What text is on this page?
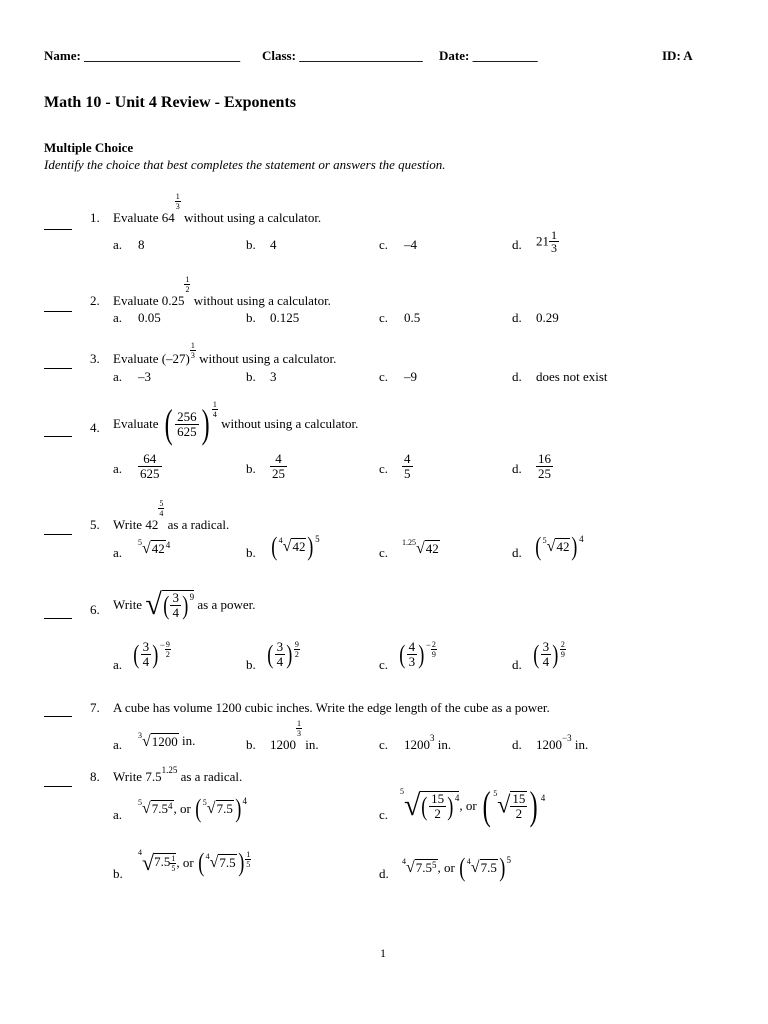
Name: ________________________ Class: ___________________ Date: __________	ID: A
Math 10 - Unit 4 Review - Exponents
Multiple Choice
Identify the choice that best completes the statement or answers the question.
1. Evaluate 64
$\frac{1}{3}$
without using a calculator.
a. 8	b. 4	c. –4	d. $21 \frac{1}{3}$
2. Evaluate 0.25
$\frac{1}{2}$
without using a calculator.
a. 0.05	b. 0.125	c. 0.5	d. 0.29
3. Evaluate $(-27) \frac{1}{3}$ without using a calculator.
a. –3	b. 3	c. –9	d. does not exist
4. Evaluate ( $\frac{256}{625}$ ) $\frac{1}{4}$
without using a calculator.
a. $\frac{64}{625}$	b. $\frac{4}{25}$	c. $\frac{4}{5}$	d. $\frac{16}{25}$
5. Write 42
$\frac{5}{4}$
as a radical.
a.
$^5√42^4$	b. $(^4√42)^5$
c.
$^{1.25}$√42	d. $(^5√42)^4$
6. Write √( $\frac{3}{4} )^9$ as a power.
a. ( $\frac{3}{4} )^- \frac{9}{2}$
b. ( $\frac{3}{4}$ ) $\frac{9}{2}$
c. ( $\frac{4}{3} )^- \frac{2}{9}$
d. ( $\frac{3}{4}$ ) $\frac{2}{9}$
7. A cube has volume 1200 cubic inches. Write the edge length of the cube as a power.
a.
$^3$√1200 in.	b. 1200
$\frac{1}{3}$
in.	c. 1200$^3$ in.	d. $1200^{-3}$ in.
8. Write $7.5^{1.25}$ as a radical.
a.
$^5√7.5^4$, or $(^5√7.5)^4$
c.
$^5√( \frac{15}{2} )^4$, or ( $^5√ \frac{15}{2}$ ) $^4$
b.
$^4√7.5 \frac{1}{5}$ , or $(^4√7.5) \frac{1}{5}$
d.
$^4√7.5^5$, or $(^4√7.5)^5$
1
